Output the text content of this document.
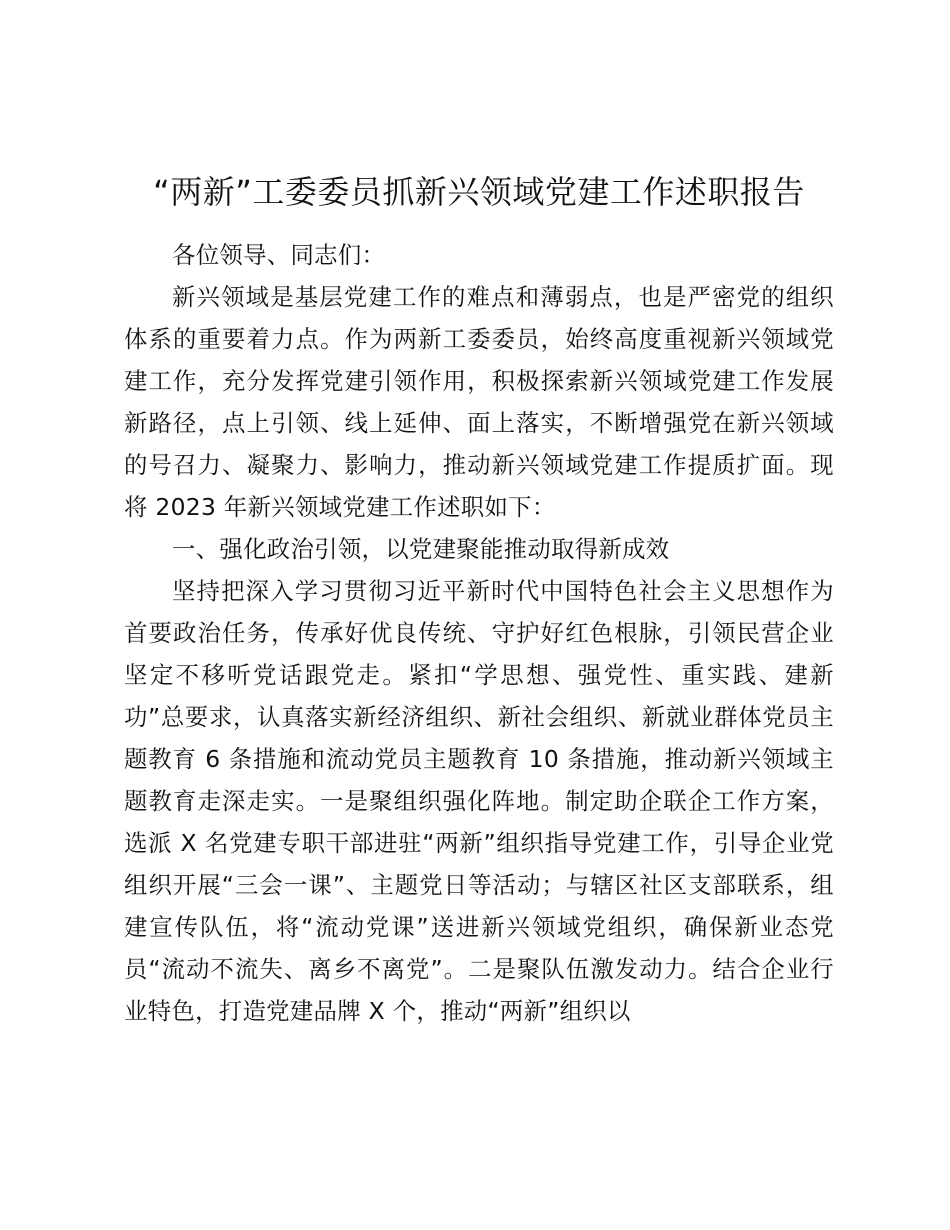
“两新”工委委员抓新兴领域党建工作述职报告

各位领导、同志们：

新兴领域是基层党建工作的难点和薄弱点，也是严密党的组织体系的重要着力点。作为两新工委委员，始终高度重视新兴领域党建工作，充分发挥党建引领作用，积极探索新兴领域党建工作发展新路径，点上引领、线上延伸、面上落实，不断增强党在新兴领域的号召力、凝聚力、影响力，推动新兴领域党建工作提质扩面。现将 2023 年新兴领域党建工作述职如下：

一、强化政治引领，以党建聚能推动取得新成效

坚持把深入学习贯彻习近平新时代中国特色社会主义思想作为首要政治任务，传承好优良传统、守护好红色根脉，引领民营企业坚定不移听党话跟党走。紧扣“学思想、强党性、重实践、建新功”总要求，认真落实新经济组织、新社会组织、新就业群体党员主题教育 6 条措施和流动党员主题教育 10 条措施，推动新兴领域主题教育走深走实。一是聚组织强化阵地。制定助企联企工作方案，选派 X 名党建专职干部进驻“两新”组织指导党建工作，引导企业党组织开展“三会一课”、主题党日等活动；与辖区社区支部联系，组建宣传队伍，将“流动党课”送进新兴领域党组织，确保新业态党员“流动不流失、离乡不离党”。二是聚队伍激发动力。结合企业行业特色，打造党建品牌 X 个，推动“两新”组织以
